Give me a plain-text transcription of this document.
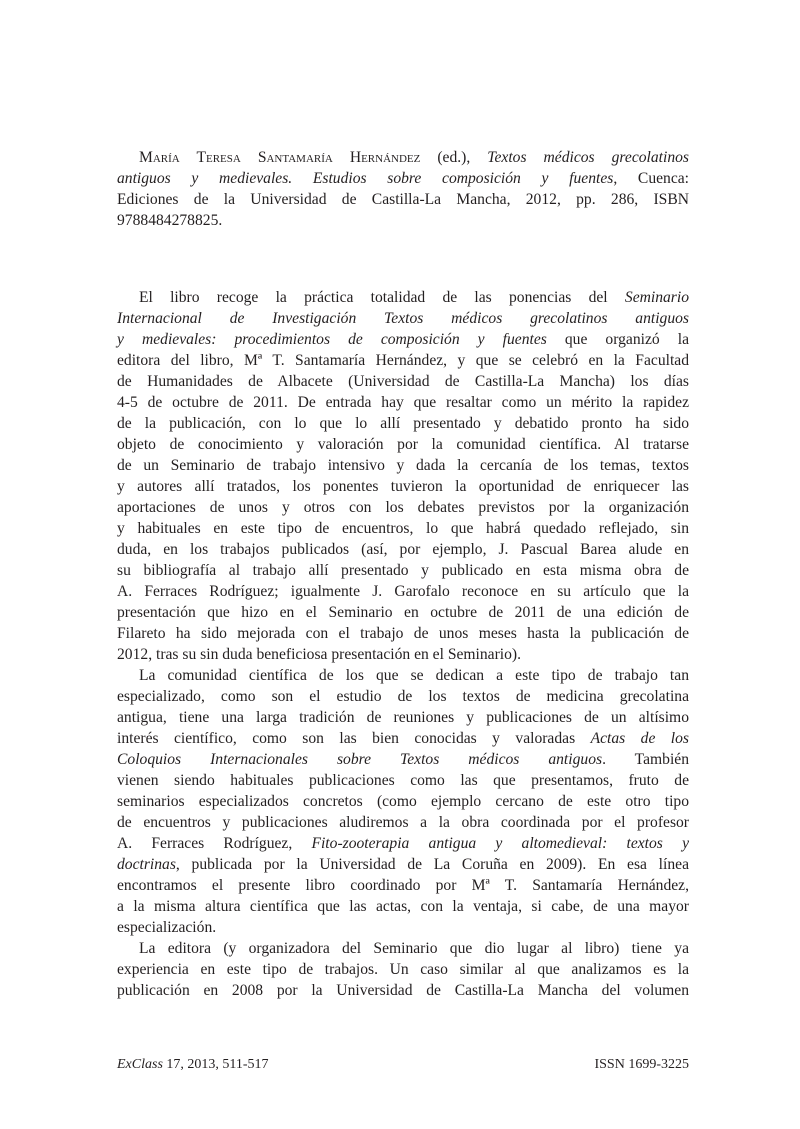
María Teresa Santamaría Hernández (ed.), Textos médicos grecolatinos
antiguos y medievales. Estudios sobre composición y fuentes, Cuenca:
Ediciones de la Universidad de Castilla-La Mancha, 2012, pp. 286, ISBN
9788484278825.
El libro recoge la práctica totalidad de las ponencias del Seminario
Internacional de Investigación Textos médicos grecolatinos antiguos
y medievales: procedimientos de composición y fuentes que organizó la
editora del libro, Mª T. Santamaría Hernández, y que se celebró en la Facultad
de Humanidades de Albacete (Universidad de Castilla-La Mancha) los días
4-5 de octubre de 2011. De entrada hay que resaltar como un mérito la rapidez
de la publicación, con lo que lo allí presentado y debatido pronto ha sido
objeto de conocimiento y valoración por la comunidad científica. Al tratarse
de un Seminario de trabajo intensivo y dada la cercanía de los temas, textos
y autores allí tratados, los ponentes tuvieron la oportunidad de enriquecer las
aportaciones de unos y otros con los debates previstos por la organización
y habituales en este tipo de encuentros, lo que habrá quedado reflejado, sin
duda, en los trabajos publicados (así, por ejemplo, J. Pascual Barea alude en
su bibliografía al trabajo allí presentado y publicado en esta misma obra de
A. Ferraces Rodríguez; igualmente J. Garofalo reconoce en su artículo que la
presentación que hizo en el Seminario en octubre de 2011 de una edición de
Filareto ha sido mejorada con el trabajo de unos meses hasta la publicación de
2012, tras su sin duda beneficiosa presentación en el Seminario).
La comunidad científica de los que se dedican a este tipo de trabajo tan
especializado, como son el estudio de los textos de medicina grecolatina
antigua, tiene una larga tradición de reuniones y publicaciones de un altísimo
interés científico, como son las bien conocidas y valoradas Actas de los
Coloquios Internacionales sobre Textos médicos antiguos. También
vienen siendo habituales publicaciones como las que presentamos, fruto de
seminarios especializados concretos (como ejemplo cercano de este otro tipo
de encuentros y publicaciones aludiremos a la obra coordinada por el profesor
A. Ferraces Rodríguez, Fito-zooterapia antigua y altomedieval: textos y
doctrinas, publicada por la Universidad de La Coruña en 2009). En esa línea
encontramos el presente libro coordinado por Mª T. Santamaría Hernández,
a la misma altura científica que las actas, con la ventaja, si cabe, de una mayor
especialización.
La editora (y organizadora del Seminario que dio lugar al libro) tiene ya
experiencia en este tipo de trabajos. Un caso similar al que analizamos es la
publicación en 2008 por la Universidad de Castilla-La Mancha del volumen
ExClass 17, 2013, 511-517	ISSN 1699-3225
